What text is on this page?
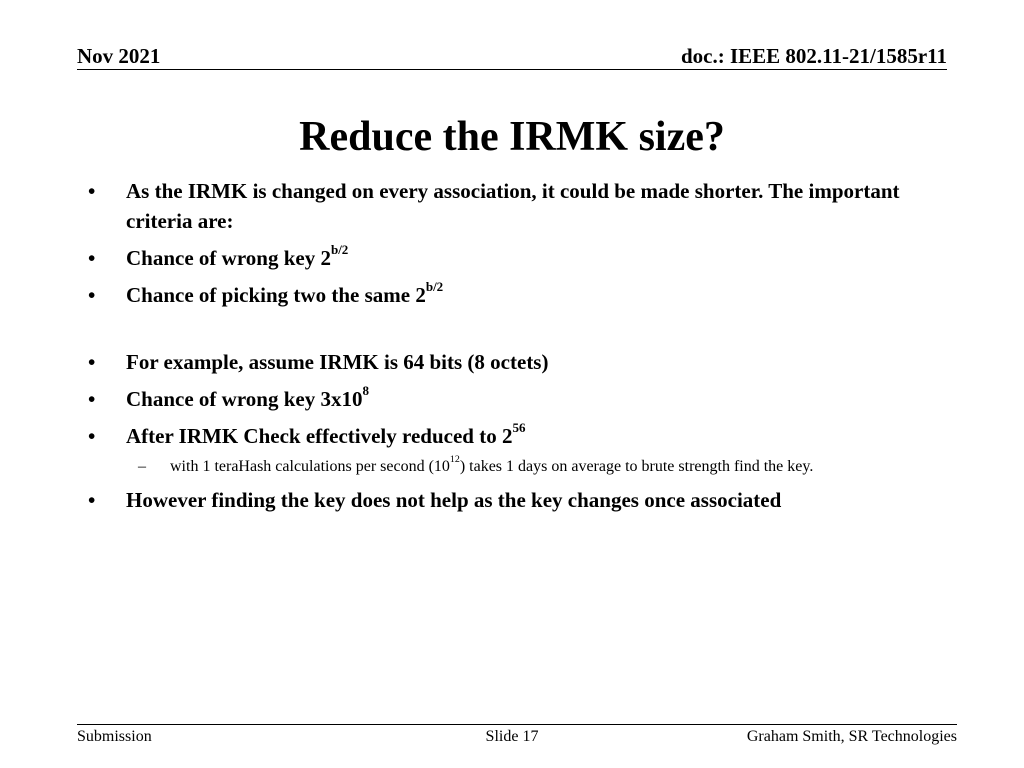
Nov 2021	doc.: IEEE 802.11-21/1585r11
Reduce the IRMK size?
• As the IRMK is changed on every association, it could be made shorter. The important criteria are:
• Chance of wrong key $2^{b/2}$
• Chance of picking two the same $2^{b/2}$
• For example, assume IRMK is 64 bits (8 octets)
• Chance of wrong key $3x10^8$
• After IRMK Check effectively reduced to $2^{56}$
– with 1 teraHash calculations per second $(10^{12})$ takes 1 days on average to brute strength find the key.
• However finding the key does not help as the key changes once associated
Submission	Slide 17	Graham Smith, SR Technologies
